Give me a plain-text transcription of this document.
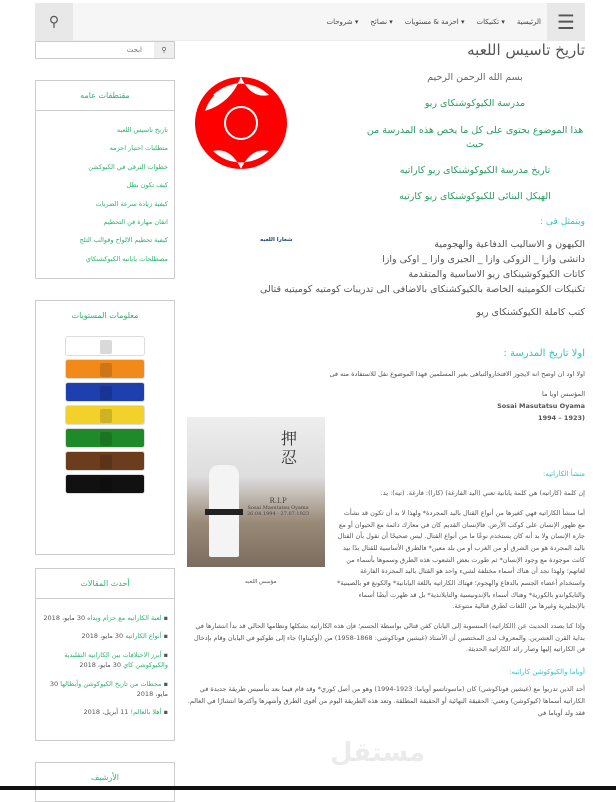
☰
الرئيسية
تكنيكات ▾
احزمة & مستويات ▾
نصائح ▾
شروحات ▾
⚲
ابحث
⚲
مقتطفات عامه
تاريخ تاسيس اللعبه
متطلبات اختبار احزمه
خطوات الترقي في الكيوكشن
كيف تكون بطل
كيفية زيادة سرعة الضربات
اتقان مهارة فن التحطيم
كيفية تحطيم الالواح وقوالب الثلج
مصطلحات يابانيه الكيوكشنكاي
معلومات المستويات
أحدث المقالات
▪ لعبة الكاراتيه مع حزام وبداه 30 مايو، 2018
▪ أنواع الكاراتيه 30 مايو، 2018
▪ أبرز الاختلافات بين الكاراتيه التقليدية والكيوكوشن كاي 30 مايو، 2018
▪ محطات من تاريخ الكيوكوشن وأبطالها 30 مايو، 2018
▪ أهلا بالعالم! 11 أبريل، 2018
الأرشيف
تاريخ تاسيس اللعبه
شعارا اللعبه

بسم الله الرحمن الرحيم

مدرسة الكيوكوشنكاى ريو

هذا الموضوع يحتوى على كل ما يخص هذه المدرسة من حيث

تاريخ مدرسة الكيوكوشنكاى ريو كاراتيه

الهيكل البنائى للكيوكوشنكاى ريو كارتيه

ويتمثل فى :
الكيهون و الاساليب الدفاعية والهجومية
داتشى وازا _ الزوكى وازا _ الجيرى وازا _ اوكى وازا
كاتات الكيوكوشينكاى ريو الاساسية والمتقدمة
تكنيكات الكوميتيه الخاصة بالكيوكشنكاى بالاضافى الى تدريبات كومتيه كوميتيه قتالى
كتب كاملة الكيوكشنكاى ريو
اولا تاريخ المدرسة :
اولا اود ان اوضح انه لايجوز الافتخاروالتباهى بغير المسلمين فهذا الموضوع نقل للاستفادة منه فى
المؤسس اويا ما
Sosai Masutatsu Oyama
(1923 – 1994
押忍
R.I.P
Sosai Masutatsu Oyama
27.07.1923 - 26.04.1994
مؤسس اللعبه
منشأ الكاراتيه:
إن كلمة (كاراتيه) هي كلمة يابانية تعني (اليد الفارغة) (كارا): فارغة. (تيه): يد.
أما منشأ الكاراتيه فهي كغيرها من أنواع القتال باليد المجردة* ولهذا لا بد أن تكون قد نشأت مع ظهور الإنسان على كوكب الأرض. فالإنسان القديم كان في معارك دائمة مع الحيوان أو مع جاره الإنسان ولا بد أنه كان يستخدم نوعًا ما من أنواع القتال. ليس صحيحًا أن نقول بأن القتال باليد المجردة هو من الشرق أو من الغرب أو من بلد معين* فالطرق الأساسية للقتال بدًا بيد كانت موجودة مع وجود الإنسان* ثم طورت بعض الشعوب هذه الطرق وسموها بأسماء من لغاتهم؛ ولهذا نجد أن هناك أسماء مختلفة لشيء واحد هو القتال باليد المجردة الفارغة واستخدام أعضاء الجسم بالدفاع والهجوم؛ فهناك الكاراتيه باللغة اليابانية* والكونغ فو بالصينية* والتايكواندو بالكورية* وهناك أسماء بالإندونيسية والتايلاندية* بل قد ظهرت أيضًا أسماء بالإنجليزية وغيرها من اللغات لطرق قتالية متنوعة.
وإذا كنا بصدد الحديث عن (الكاراتيه) المنسوبة إلى اليابان كفن قتالي بواسطة الجسم؛ فإن هذه الكاراتيه بشكلها ونظامها الحالي قد بدأ انتشارها في بداية القرن العشرين. والمعروف لدى المختصين أن الأستاذ (غيشين فوناكوشي: 1868-1958) من (أوكيناوا) جاء إلى طوكيو في اليابان وقام بإدخال فن الكاراتيه إليها وصار رائد الكاراتيه الحديثة.
أوياما والكيوكوشن كاراتيه:
أحد الذين تدربوا مع (غيشين فوناكوشي) كان (ماسوتاتسو أوياما: 1923-1994) وهو من أصل كوري* وقد قام فيما بعد بتأسيس طريقة جديدة في الكاراتيه أسماها (كيوكوشن) وتعني: الحقيقة النهائية أو الحقيقة المطلقة. وتعد هذه الطريقة اليوم من أقوى الطرق وأشهرها وأكثرها انتشارًا في العالم. فقد ولد أوياما في
مستقل
